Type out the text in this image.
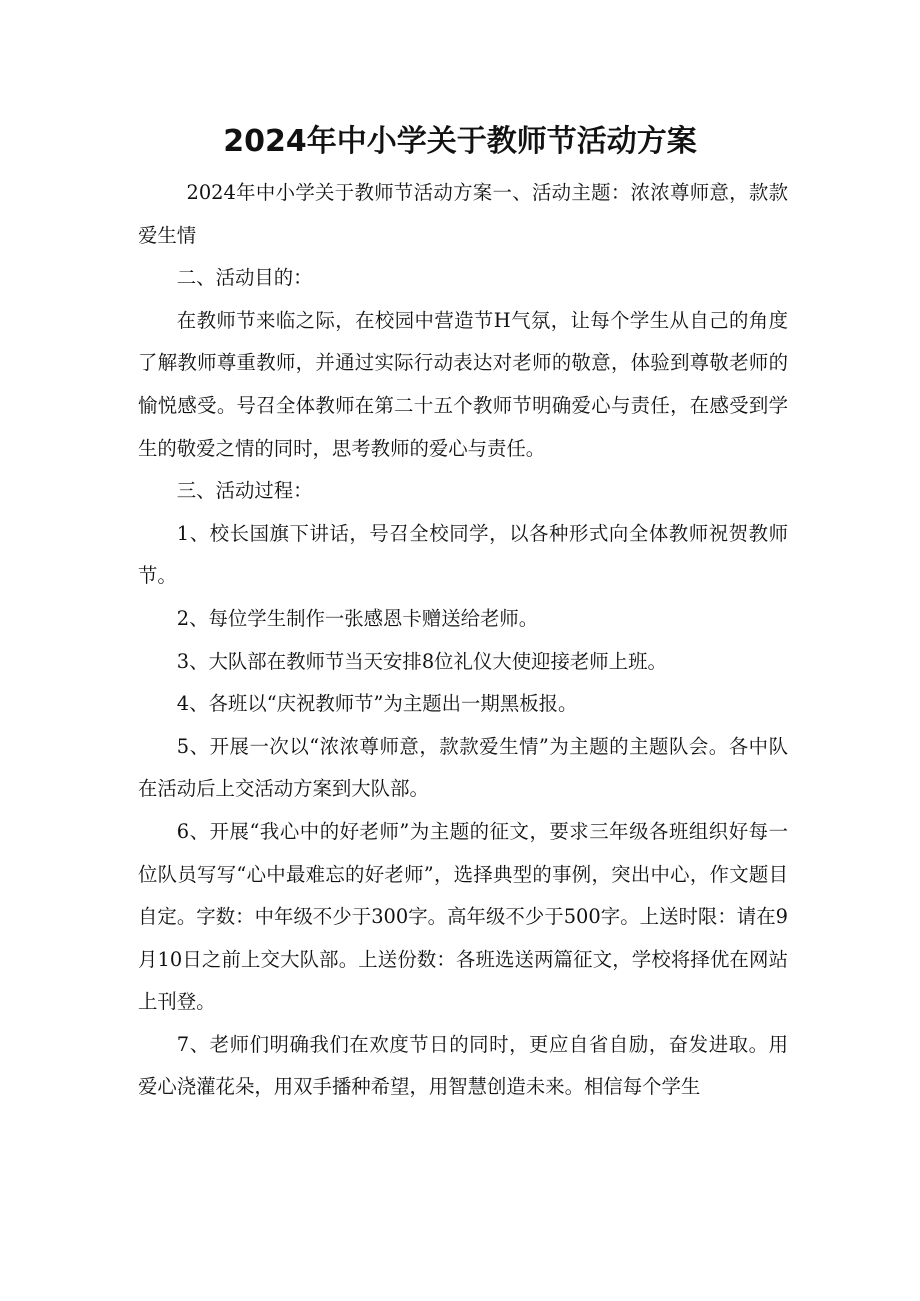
2024年中小学关于教师节活动方案

2024年中小学关于教师节活动方案一、活动主题：浓浓尊师意，款款爱生情

二、活动目的：

在教师节来临之际，在校园中营造节H气氛，让每个学生从自己的角度了解教师尊重教师，并通过实际行动表达对老师的敬意，体验到尊敬老师的愉悦感受。号召全体教师在第二十五个教师节明确爱心与责任，在感受到学生的敬爱之情的同时，思考教师的爱心与责任。

三、活动过程：

1、校长国旗下讲话，号召全校同学，以各种形式向全体教师祝贺教师节。

2、每位学生制作一张感恩卡赠送给老师。

3、大队部在教师节当天安排8位礼仪大使迎接老师上班。

4、各班以“庆祝教师节”为主题出一期黑板报。

5、开展一次以“浓浓尊师意，款款爱生情”为主题的主题队会。各中队在活动后上交活动方案到大队部。

6、开展“我心中的好老师”为主题的征文，要求三年级各班组织好每一位队员写写“心中最难忘的好老师”，选择典型的事例，突出中心，作文题目自定。字数：中年级不少于300字。高年级不少于500字。上送时限：请在9月10日之前上交大队部。上送份数：各班选送两篇征文，学校将择优在网站上刊登。

7、老师们明确我们在欢度节日的同时，更应自省自励，奋发进取。用爱心浇灌花朵，用双手播种希望，用智慧创造未来。相信每个学生
